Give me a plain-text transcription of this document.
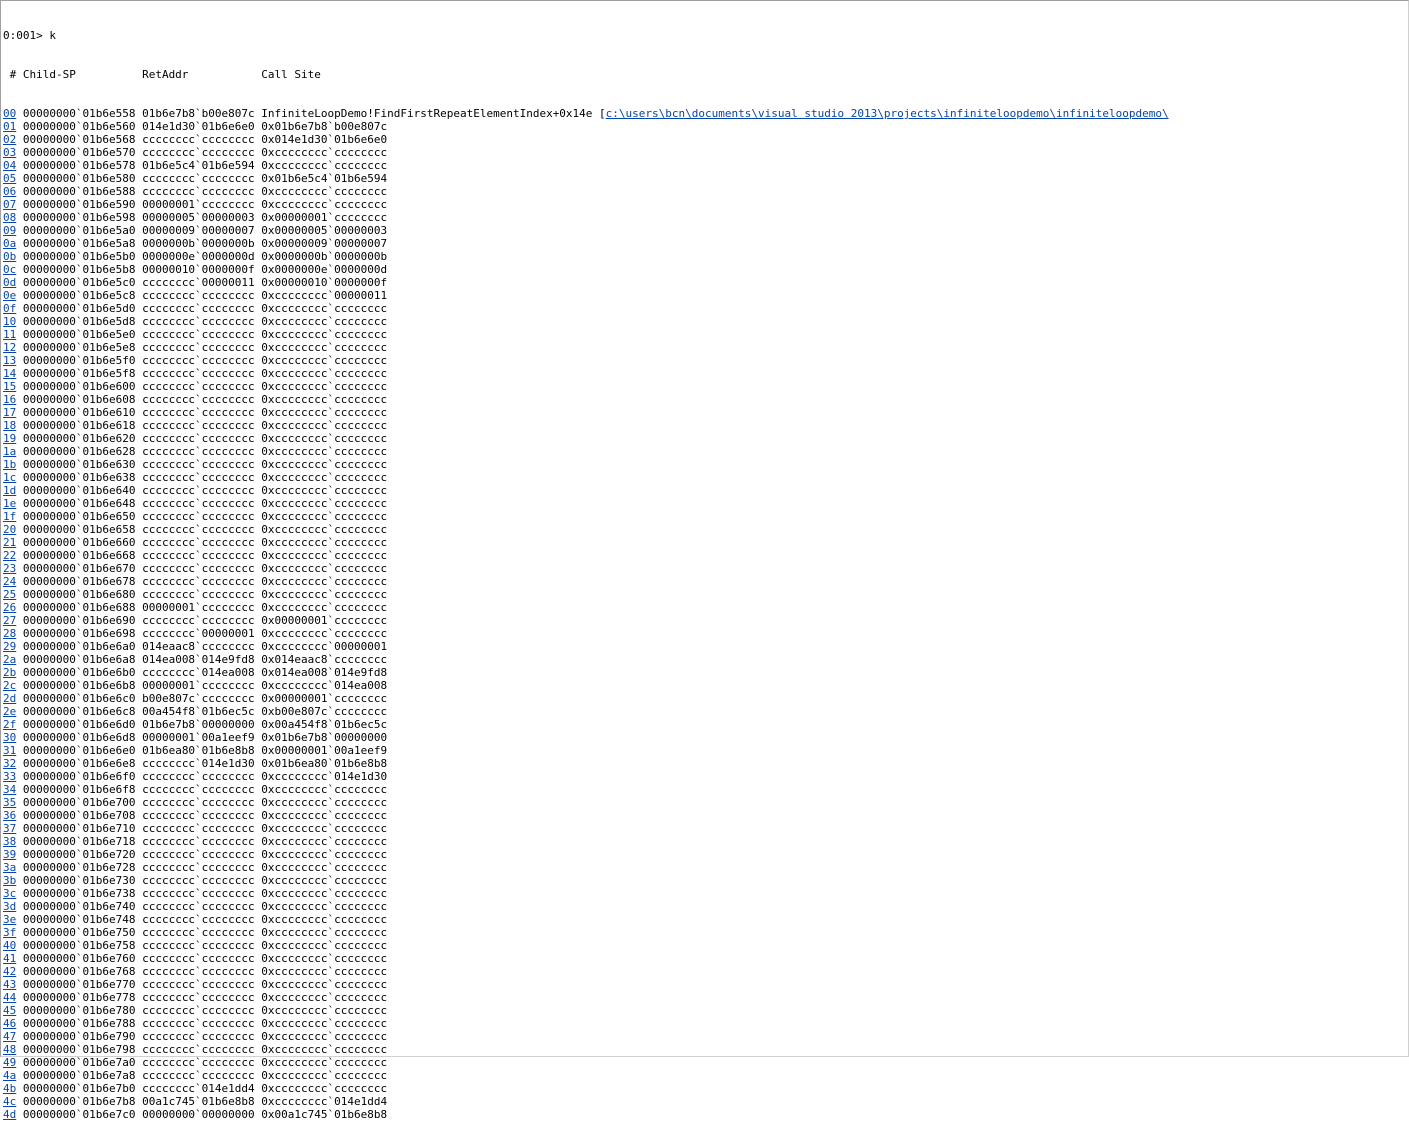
0:001> k

# Child-SP          RetAddr           Call Site

00 00000000`01b6e558 01b6e7b8`b00e807c InfiniteLoopDemo!FindFirstRepeatElementIndex+0x14e [c:\users\bcn\documents\visual studio 2013\projects\infiniteloopdemo\infiniteloopdemo\
01 00000000`01b6e560 014e1d30`01b6e6e0 0x01b6e7b8`b00e807c
02 00000000`01b6e568 cccccccc`cccccccc 0x014e1d30`01b6e6e0
03 00000000`01b6e570 cccccccc`cccccccc 0xcccccccc`cccccccc
04 00000000`01b6e578 01b6e5c4`01b6e594 0xcccccccc`cccccccc
05 00000000`01b6e580 cccccccc`cccccccc 0x01b6e5c4`01b6e594
06 00000000`01b6e588 cccccccc`cccccccc 0xcccccccc`cccccccc
07 00000000`01b6e590 00000001`cccccccc 0xcccccccc`cccccccc
08 00000000`01b6e598 00000005`00000003 0x00000001`cccccccc
09 00000000`01b6e5a0 00000009`00000007 0x00000005`00000003
0a 00000000`01b6e5a8 0000000b`0000000b 0x00000009`00000007
0b 00000000`01b6e5b0 0000000e`0000000d 0x0000000b`0000000b
0c 00000000`01b6e5b8 00000010`0000000f 0x0000000e`0000000d
0d 00000000`01b6e5c0 cccccccc`00000011 0x00000010`0000000f
0e 00000000`01b6e5c8 cccccccc`cccccccc 0xcccccccc`00000011
0f 00000000`01b6e5d0 cccccccc`cccccccc 0xcccccccc`cccccccc
10 00000000`01b6e5d8 cccccccc`cccccccc 0xcccccccc`cccccccc
11 00000000`01b6e5e0 cccccccc`cccccccc 0xcccccccc`cccccccc
12 00000000`01b6e5e8 cccccccc`cccccccc 0xcccccccc`cccccccc
13 00000000`01b6e5f0 cccccccc`cccccccc 0xcccccccc`cccccccc
14 00000000`01b6e5f8 cccccccc`cccccccc 0xcccccccc`cccccccc
15 00000000`01b6e600 cccccccc`cccccccc 0xcccccccc`cccccccc
16 00000000`01b6e608 cccccccc`cccccccc 0xcccccccc`cccccccc
17 00000000`01b6e610 cccccccc`cccccccc 0xcccccccc`cccccccc
18 00000000`01b6e618 cccccccc`cccccccc 0xcccccccc`cccccccc
19 00000000`01b6e620 cccccccc`cccccccc 0xcccccccc`cccccccc
1a 00000000`01b6e628 cccccccc`cccccccc 0xcccccccc`cccccccc
1b 00000000`01b6e630 cccccccc`cccccccc 0xcccccccc`cccccccc
1c 00000000`01b6e638 cccccccc`cccccccc 0xcccccccc`cccccccc
1d 00000000`01b6e640 cccccccc`cccccccc 0xcccccccc`cccccccc
1e 00000000`01b6e648 cccccccc`cccccccc 0xcccccccc`cccccccc
1f 00000000`01b6e650 cccccccc`cccccccc 0xcccccccc`cccccccc
20 00000000`01b6e658 cccccccc`cccccccc 0xcccccccc`cccccccc
21 00000000`01b6e660 cccccccc`cccccccc 0xcccccccc`cccccccc
22 00000000`01b6e668 cccccccc`cccccccc 0xcccccccc`cccccccc
23 00000000`01b6e670 cccccccc`cccccccc 0xcccccccc`cccccccc
24 00000000`01b6e678 cccccccc`cccccccc 0xcccccccc`cccccccc
25 00000000`01b6e680 cccccccc`cccccccc 0xcccccccc`cccccccc
26 00000000`01b6e688 00000001`cccccccc 0xcccccccc`cccccccc
27 00000000`01b6e690 cccccccc`cccccccc 0x00000001`cccccccc
28 00000000`01b6e698 cccccccc`00000001 0xcccccccc`cccccccc
29 00000000`01b6e6a0 014eaac8`cccccccc 0xcccccccc`00000001
2a 00000000`01b6e6a8 014ea008`014e9fd8 0x014eaac8`cccccccc
2b 00000000`01b6e6b0 cccccccc`014ea008 0x014ea008`014e9fd8
2c 00000000`01b6e6b8 00000001`cccccccc 0xcccccccc`014ea008
2d 00000000`01b6e6c0 b00e807c`cccccccc 0x00000001`cccccccc
2e 00000000`01b6e6c8 00a454f8`01b6ec5c 0xb00e807c`cccccccc
2f 00000000`01b6e6d0 01b6e7b8`00000000 0x00a454f8`01b6ec5c
30 00000000`01b6e6d8 00000001`00a1eef9 0x01b6e7b8`00000000
31 00000000`01b6e6e0 01b6ea80`01b6e8b8 0x00000001`00a1eef9
32 00000000`01b6e6e8 cccccccc`014e1d30 0x01b6ea80`01b6e8b8
33 00000000`01b6e6f0 cccccccc`cccccccc 0xcccccccc`014e1d30
34 00000000`01b6e6f8 cccccccc`cccccccc 0xcccccccc`cccccccc
35 00000000`01b6e700 cccccccc`cccccccc 0xcccccccc`cccccccc
36 00000000`01b6e708 cccccccc`cccccccc 0xcccccccc`cccccccc
37 00000000`01b6e710 cccccccc`cccccccc 0xcccccccc`cccccccc
38 00000000`01b6e718 cccccccc`cccccccc 0xcccccccc`cccccccc
39 00000000`01b6e720 cccccccc`cccccccc 0xcccccccc`cccccccc
3a 00000000`01b6e728 cccccccc`cccccccc 0xcccccccc`cccccccc
3b 00000000`01b6e730 cccccccc`cccccccc 0xcccccccc`cccccccc
3c 00000000`01b6e738 cccccccc`cccccccc 0xcccccccc`cccccccc
3d 00000000`01b6e740 cccccccc`cccccccc 0xcccccccc`cccccccc
3e 00000000`01b6e748 cccccccc`cccccccc 0xcccccccc`cccccccc
3f 00000000`01b6e750 cccccccc`cccccccc 0xcccccccc`cccccccc
40 00000000`01b6e758 cccccccc`cccccccc 0xcccccccc`cccccccc
41 00000000`01b6e760 cccccccc`cccccccc 0xcccccccc`cccccccc
42 00000000`01b6e768 cccccccc`cccccccc 0xcccccccc`cccccccc
43 00000000`01b6e770 cccccccc`cccccccc 0xcccccccc`cccccccc
44 00000000`01b6e778 cccccccc`cccccccc 0xcccccccc`cccccccc
45 00000000`01b6e780 cccccccc`cccccccc 0xcccccccc`cccccccc
46 00000000`01b6e788 cccccccc`cccccccc 0xcccccccc`cccccccc
47 00000000`01b6e790 cccccccc`cccccccc 0xcccccccc`cccccccc
48 00000000`01b6e798 cccccccc`cccccccc 0xcccccccc`cccccccc
49 00000000`01b6e7a0 cccccccc`cccccccc 0xcccccccc`cccccccc
4a 00000000`01b6e7a8 cccccccc`cccccccc 0xcccccccc`cccccccc
4b 00000000`01b6e7b0 cccccccc`014e1dd4 0xcccccccc`cccccccc
4c 00000000`01b6e7b8 00a1c745`01b6e8b8 0xcccccccc`014e1dd4
4d 00000000`01b6e7c0 00000000`00000000 0x00a1c745`01b6e8b8
